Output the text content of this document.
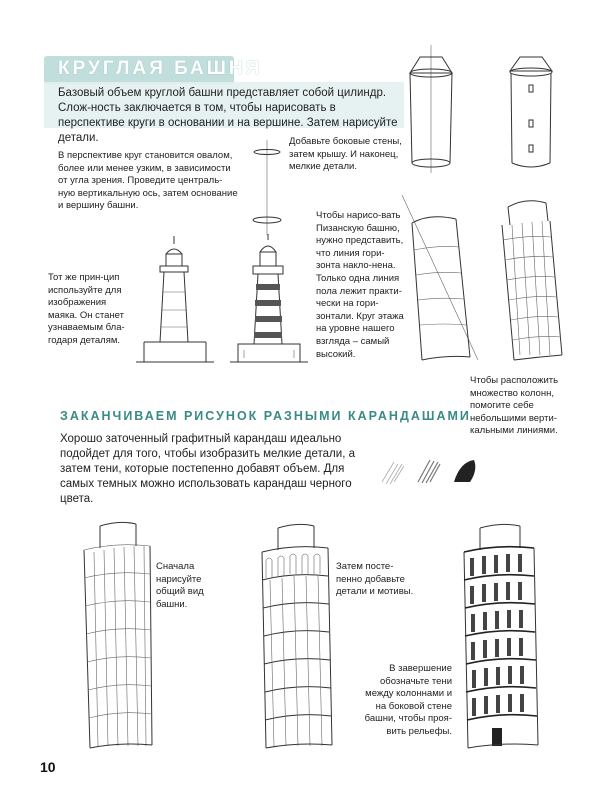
КРУГЛАЯ БАШНЯ
Базовый объем круглой башни представляет собой цилиндр. Слож-ность заключается в том, чтобы нарисовать в перспективе круги в основании и на вершине. Затем нарисуйте детали.
В перспективе круг становится овалом, более или менее узким, в зависимости от угла зрения. Проведите централь-ную вертикальную ось, затем основание и вершину башни.
Добавьте боковые стены, затем крышу. И наконец, мелкие детали.
Тот же прин-цип используйте для изображения маяка. Он станет узнаваемым бла-годаря деталям.
Чтобы нарисо-вать Пизанскую башню, нужно представить, что линия гори-зонта накло-нена. Только одна линия пола лежит практи-чески на гори-зонтали. Круг этажа на уровне нашего взгляда – самый высокий.
Чтобы расположить множество колонн, помогите себе небольшими верти-кальными линиями.
ЗАКАНЧИВАЕМ РИСУНОК РАЗНЫМИ КАРАНДАШАМИ
Хорошо заточенный графитный карандаш идеально подойдет для того, чтобы изобразить мелкие детали, а затем тени, которые постепенно добавят объем. Для самых темных можно использовать карандаш черного цвета.
Сначала нарисуйте общий вид башни.
Затем посте-пенно добавьте детали и мотивы.
В завершение обозначьте тени между колоннами и на боковой стене башни, чтобы проя-вить рельефы.
10
